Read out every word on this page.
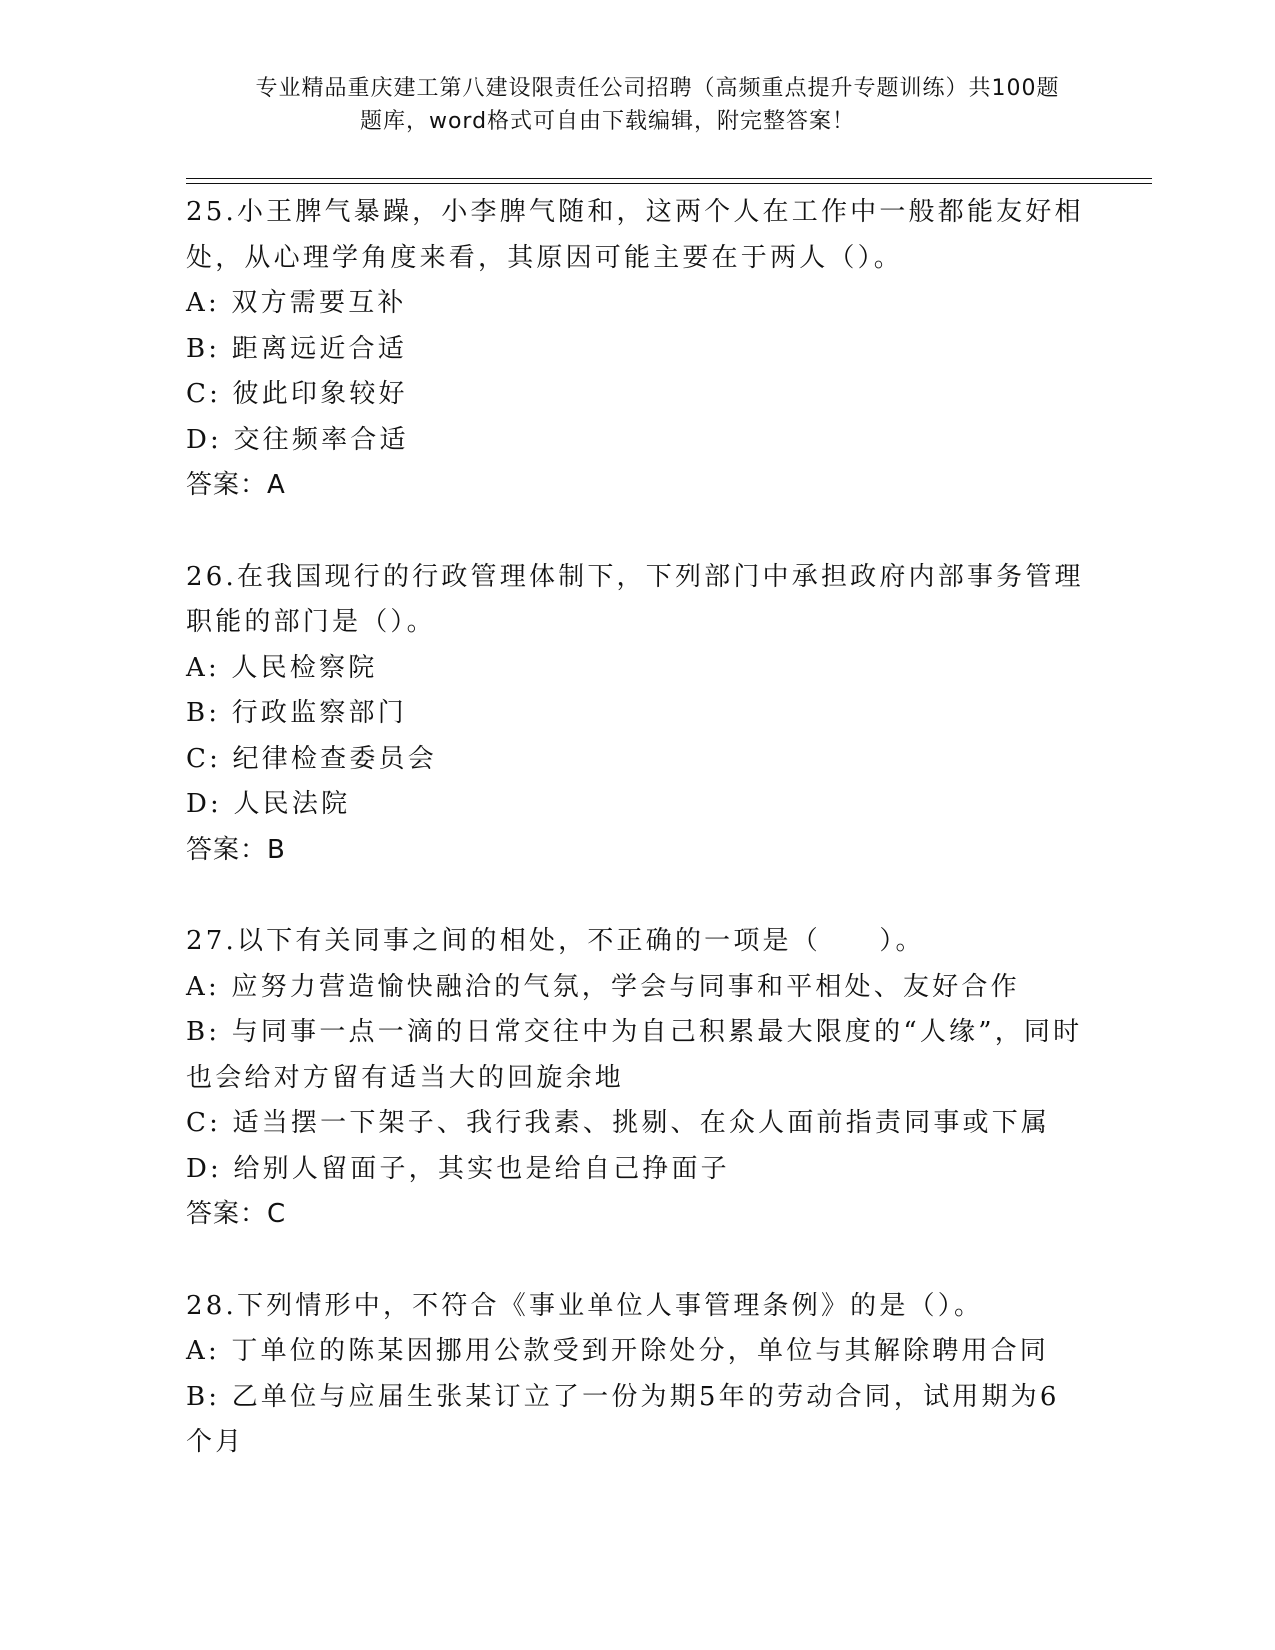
专业精品重庆建工第八建设限责任公司招聘（高频重点提升专题训练）共100题
题库，word格式可自由下载编辑，附完整答案！

25.小王脾气暴躁，小李脾气随和，这两个人在工作中一般都能友好相处，从心理学角度来看，其原因可能主要在于两人（）。

A: 双方需要互补

B: 距离远近合适

C: 彼此印象较好

D: 交往频率合适

答案：A

26.在我国现行的行政管理体制下，下列部门中承担政府内部事务管理职能的部门是（）。

A: 人民检察院

B: 行政监察部门

C: 纪律检查委员会

D: 人民法院

答案：B

27.以下有关同事之间的相处，不正确的一项是（　　）。

A: 应努力营造愉快融洽的气氛，学会与同事和平相处、友好合作

B: 与同事一点一滴的日常交往中为自己积累最大限度的“人缘”，同时也会给对方留有适当大的回旋余地

C: 适当摆一下架子、我行我素、挑剔、在众人面前指责同事或下属

D: 给别人留面子，其实也是给自己挣面子

答案：C

28.下列情形中，不符合《事业单位人事管理条例》的是（）。

A: 丁单位的陈某因挪用公款受到开除处分，单位与其解除聘用合同

B: 乙单位与应届生张某订立了一份为期5年的劳动合同，试用期为6个月
